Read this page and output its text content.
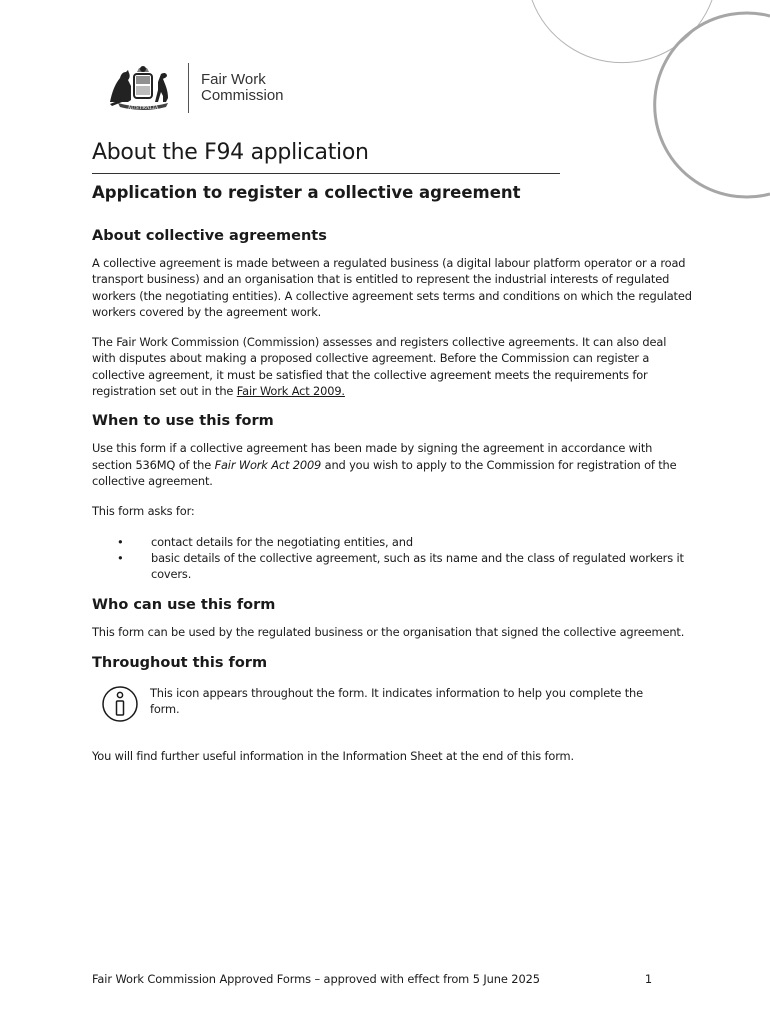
AUSTRALIA
Fair Work
Commission
About the F94 application
Application to register a collective agreement
About collective agreements

A collective agreement is made between a regulated business (a digital labour platform operator or a road transport business) and an organisation that is entitled to represent the industrial interests of regulated workers (the negotiating entities). A collective agreement sets terms and conditions on which the regulated workers covered by the agreement work.

The Fair Work Commission (Commission) assesses and registers collective agreements. It can also deal with disputes about making a proposed collective agreement. Before the Commission can register a collective agreement, it must be satisfied that the collective agreement meets the requirements for registration set out in the Fair Work Act 2009.

When to use this form

Use this form if a collective agreement has been made by signing the agreement in accordance with section 536MQ of the Fair Work Act 2009 and you wish to apply to the Commission for registration of the collective agreement.

This form asks for:

• contact details for the negotiating entities, and
• basic details of the collective agreement, such as its name and the class of regulated workers it covers.
Who can use this form

This form can be used by the regulated business or the organisation that signed the collective agreement.

Throughout this form
This icon appears throughout the form. It indicates information to help you complete the form.

You will find further useful information in the Information Sheet at the end of this form.

Fair Work Commission Approved Forms – approved with effect from 5 June 2025	1
